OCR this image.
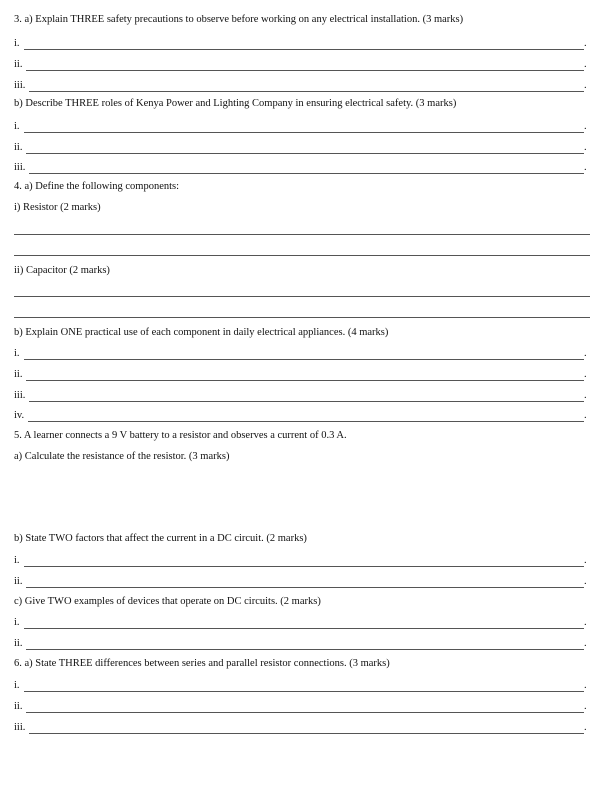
3. a) Explain THREE safety precautions to observe before working on any electrical installation. (3 marks)
i.	.
ii.	.
iii.	.
b) Describe THREE roles of Kenya Power and Lighting Company in ensuring electrical safety. (3 marks)
i.	.
ii.	.
iii.	.
4. a) Define the following components:
i) Resistor (2 marks)
ii) Capacitor (2 marks)
b) Explain ONE practical use of each component in daily electrical appliances. (4 marks)
i.	.
ii.	.
iii.	.
iv.	.
5. A learner connects a 9 V battery to a resistor and observes a current of 0.3 A.
a) Calculate the resistance of the resistor. (3 marks)
b) State TWO factors that affect the current in a DC circuit. (2 marks)
i.	.
ii.	.
c) Give TWO examples of devices that operate on DC circuits. (2 marks)
i.	.
ii.	.
6. a) State THREE differences between series and parallel resistor connections. (3 marks)
i.	.
ii.	.
iii.	.
